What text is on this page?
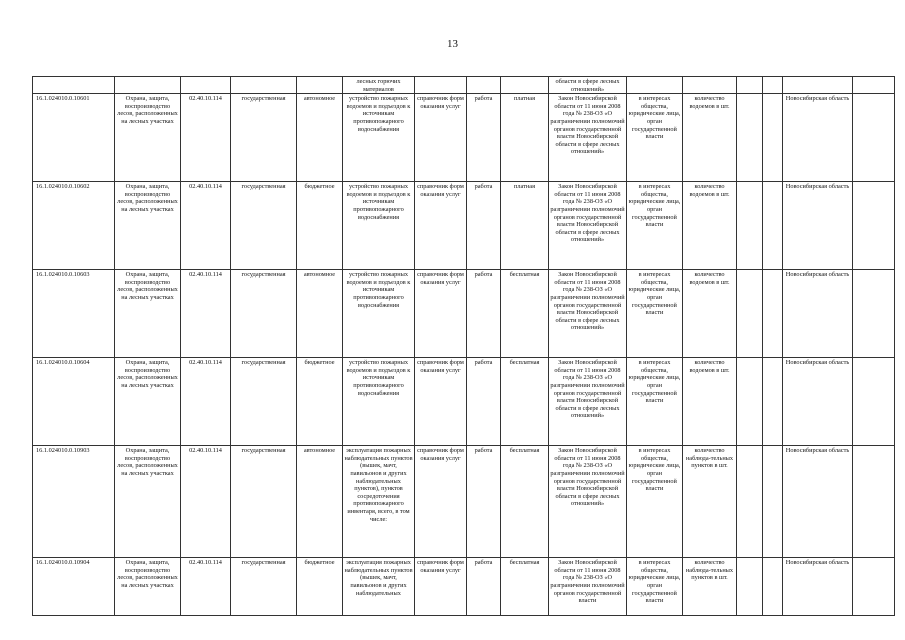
13
					лесных горючих материалов				области в сфере лесных отношений»						
16.1.024010.0.10601	Охрана, защита, воспроизводство лесов, расположенных на лесных участках	02.40.10.114	государственная	автономное	устройство пожарных водоемов и подъездов к источникам противопожарного водоснабжения	справочник форм оказания услуг	работа	платная	Закон Новосибирской области от 11 июня 2008 года № 238-ОЗ «О разграничении полномочий органов государственной власти Новосибирской области в сфере лесных отношений»	в интересах общества, юридические лица, орган государственной власти	количество водоемов в шт.			Новосибирская область	
16.1.024010.0.10602	Охрана, защита, воспроизводство лесов, расположенных на лесных участках	02.40.10.114	государственная	бюджетное	устройство пожарных водоемов и подъездов к источникам противопожарного водоснабжения	справочник форм оказания услуг	работа	платная	Закон Новосибирской области от 11 июня 2008 года № 238-ОЗ «О разграничении полномочий органов государственной власти Новосибирской области в сфере лесных отношений»	в интересах общества, юридические лица, орган государственной власти	количество водоемов в шт.			Новосибирская область	
16.1.024010.0.10603	Охрана, защита, воспроизводство лесов, расположенных на лесных участках	02.40.10.114	государственная	автономное	устройство пожарных водоемов и подъездов к источникам противопожарного водоснабжения	справочник форм оказания услуг	работа	бесплатная	Закон Новосибирской области от 11 июня 2008 года № 238-ОЗ «О разграничении полномочий органов государственной власти Новосибирской области в сфере лесных отношений»	в интересах общества, юридические лица, орган государственной власти	количество водоемов в шт.			Новосибирская область	
16.1.024010.0.10604	Охрана, защита, воспроизводство лесов, расположенных на лесных участках	02.40.10.114	государственная	бюджетное	устройство пожарных водоемов и подъездов к источникам противопожарного водоснабжения	справочник форм оказания услуг	работа	бесплатная	Закон Новосибирской области от 11 июня 2008 года № 238-ОЗ «О разграничении полномочий органов государственной власти Новосибирской области в сфере лесных отношений»	в интересах общества, юридические лица, орган государственной власти	количество водоемов в шт.			Новосибирская область	
16.1.024010.0.10903	Охрана, защита, воспроизводство лесов, расположенных на лесных участках	02.40.10.114	государственная	автономное	эксплуатация пожарных наблюдательных пунктов (вышек, мачт, павильонов и других наблюдательных пунктов), пунктов сосредоточения противопожарного инвентаря, всего, в том числе:	справочник форм оказания услуг	работа	бесплатная	Закон Новосибирской области от 11 июня 2008 года № 238-ОЗ «О разграничении полномочий органов государственной власти Новосибирской области в сфере лесных отношений»	в интересах общества, юридические лица, орган государственной власти	количество наблюда-тельных пунктов в шт.			Новосибирская область	
16.1.024010.0.10904	Охрана, защита, воспроизводство лесов, расположенных на лесных участках	02.40.10.114	государственная	бюджетное	эксплуатация пожарных наблюдательных пунктов (вышек, мачт, павильонов и других наблюдательных	справочник форм оказания услуг	работа	бесплатная	Закон Новосибирской области от 11 июня 2008 года № 238-ОЗ «О разграничении полномочий органов государственной власти	в интересах общества, юридические лица, орган государственной власти	количество наблюда-тельных пунктов в шт.			Новосибирская область	
